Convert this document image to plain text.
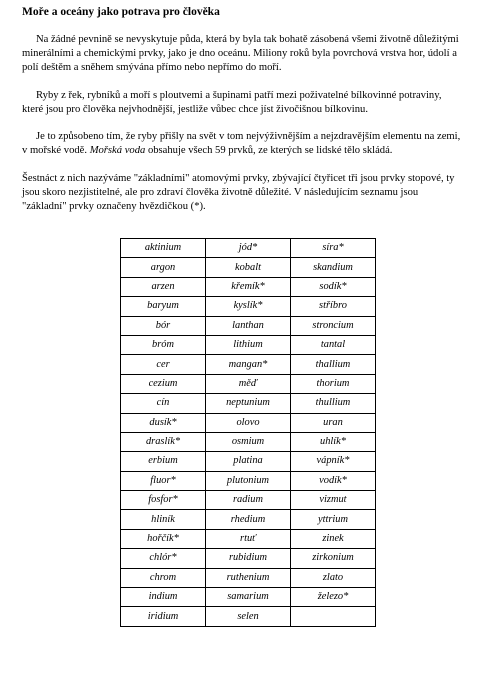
Moře a oceány jako potrava pro člověka

Na žádné pevnině se nevyskytuje půda, která by byla tak bohatě zásobená všemi životně důležitými minerálními a chemickými prvky, jako je dno oceánu. Miliony roků byla povrchová vrstva hor, údolí a polí deštěm a sněhem smývána přímo nebo nepřímo do moří.

Ryby z řek, rybníků a moří s ploutvemi a šupinami patří mezi poživatelné bílkovinné potraviny, které jsou pro člověka nejvhodnější, jestliže vůbec chce jíst živočišnou bílkovinu.

Je to způsobeno tím, že ryby přišly na svět v tom nejvýživnějším a nejzdravějším elementu na zemi, v mořské vodě. Mořská voda obsahuje všech 59 prvků, ze kterých se lidské tělo skládá.

Šestnáct z nich nazýváme "základními" atomovými prvky, zbývající čtyřicet tři jsou prvky stopové, ty jsou skoro nezjistitelné, ale pro zdraví člověka životně důležité. V následujícím seznamu jsou "základní" prvky označeny hvězdičkou (*).

aktinium	jód*	síra*
argon	kobalt	skandium
arzen	křemík*	sodík*
baryum	kyslík*	stříbro
bór	lanthan	stroncium
bróm	lithium	tantal
cer	mangan*	thallium
cezium	měď	thorium
cín	neptunium	thullium
dusík*	olovo	uran
draslík*	osmium	uhlík*
erbium	platina	vápník*
fluor*	plutonium	vodík*
fosfor*	radium	vizmut
hliník	rhedium	yttrium
hořčík*	rtuť	zinek
chlór*	rubidium	zirkonium
chrom	ruthenium	zlato
indium	samarium	železo*
iridium	selen	
